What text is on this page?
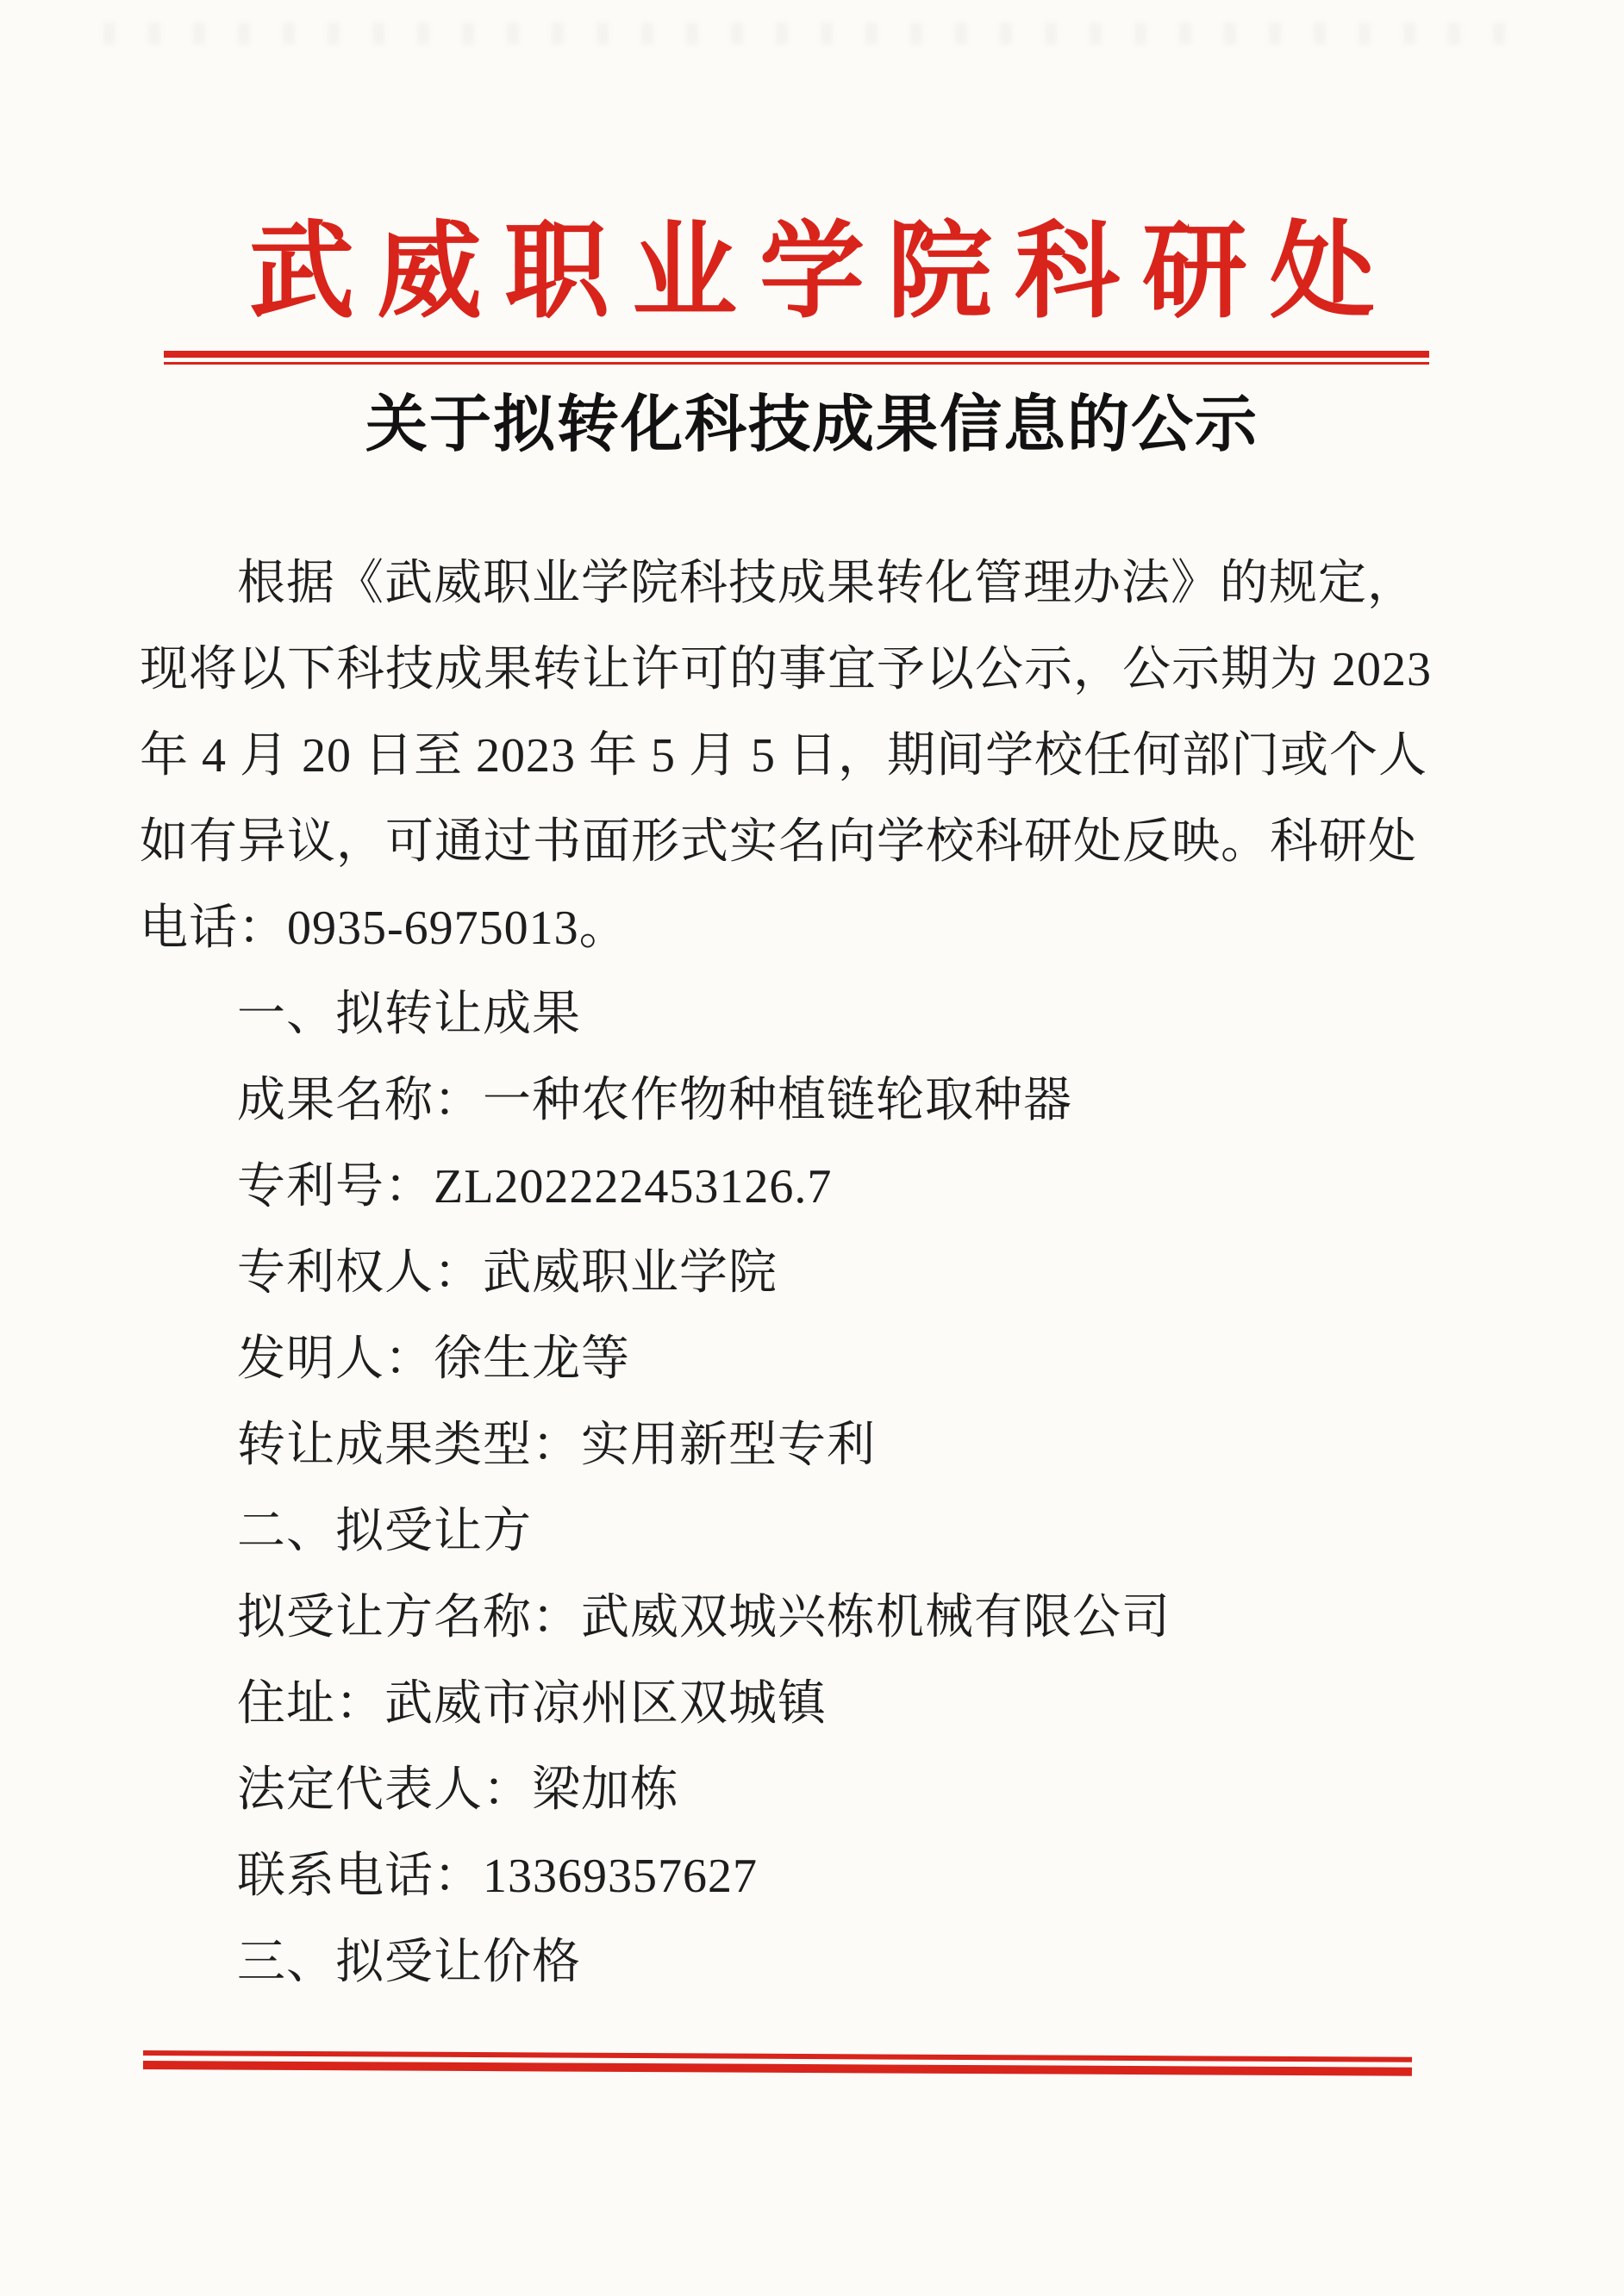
武威职业学院科研处
关于拟转化科技成果信息的公示
根据《武威职业学院科技成果转化管理办法》的规定，
现将以下科技成果转让许可的事宜予以公示，公示期为 2023
年 4 月 20 日至 2023 年 5 月 5 日，期间学校任何部门或个人
如有异议，可通过书面形式实名向学校科研处反映。科研处
电话：0935-6975013。
一、拟转让成果
成果名称：一种农作物种植链轮取种器
专利号：ZL202222453126.7
专利权人：武威职业学院
发明人：徐生龙等
转让成果类型：实用新型专利
二、拟受让方
拟受让方名称：武威双城兴栋机械有限公司
住址：武威市凉州区双城镇
法定代表人：梁加栋
联系电话：13369357627
三、拟受让价格
